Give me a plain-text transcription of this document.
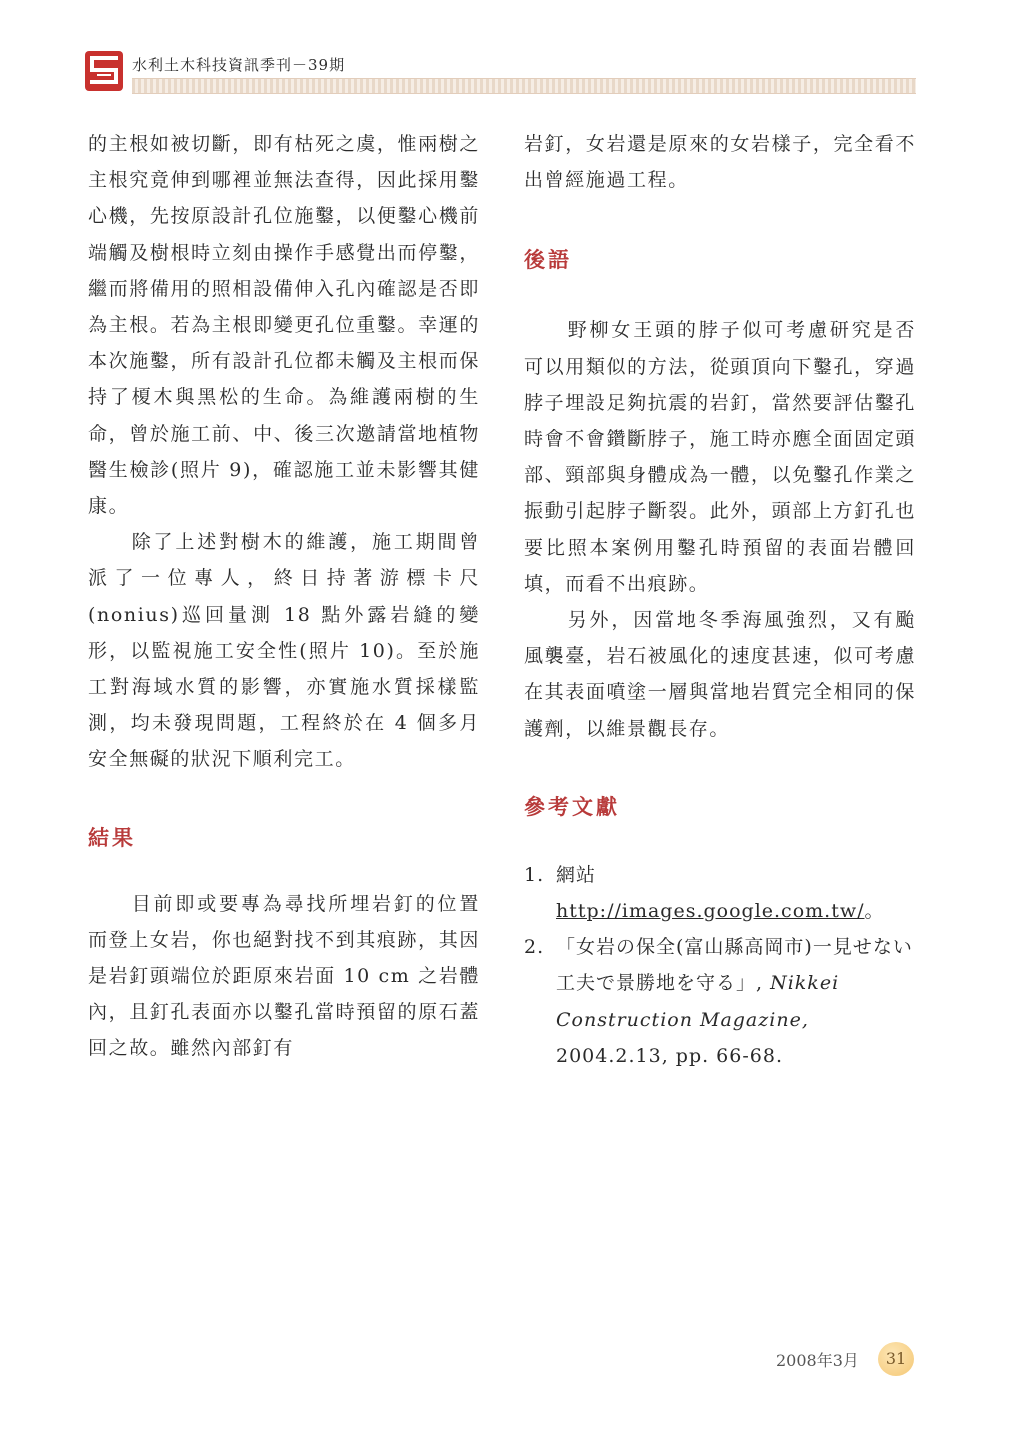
水利土木科技資訊季刊－39期

的主根如被切斷，即有枯死之虞，惟兩樹之主根究竟伸到哪裡並無法查得，因此採用鑿心機，先按原設計孔位施鑿，以便鑿心機前端觸及樹根時立刻由操作手感覺出而停鑿，繼而將備用的照相設備伸入孔內確認是否即為主根。若為主根即變更孔位重鑿。幸運的本次施鑿，所有設計孔位都未觸及主根而保持了榎木與黑松的生命。為維護兩樹的生命，曾於施工前、中、後三次邀請當地植物醫生檢診(照片 9)，確認施工並未影響其健康。

除了上述對樹木的維護，施工期間曾派了一位專人，終日持著游標卡尺(nonius)巡回量測 18 點外露岩縫的變形，以監視施工安全性(照片 10)。至於施工對海域水質的影響，亦實施水質採樣監測，均未發現問題，工程終於在 4 個多月安全無礙的狀況下順利完工。

結果

目前即或要專為尋找所埋岩釘的位置而登上女岩，你也絕對找不到其痕跡，其因是岩釘頭端位於距原來岩面 10 cm 之岩體內，且釘孔表面亦以鑿孔當時預留的原石蓋回之故。雖然內部釘有

岩釘，女岩還是原來的女岩樣子，完全看不出曾經施過工程。

後語

野柳女王頭的脖子似可考慮研究是否可以用類似的方法，從頭頂向下鑿孔，穿過脖子埋設足夠抗震的岩釘，當然要評估鑿孔時會不會鑽斷脖子，施工時亦應全面固定頭部、頸部與身體成為一體，以免鑿孔作業之振動引起脖子斷裂。此外，頭部上方釘孔也要比照本案例用鑿孔時預留的表面岩體回填，而看不出痕跡。

另外，因當地冬季海風強烈，又有颱風襲臺，岩石被風化的速度甚速，似可考慮在其表面噴塗一層與當地岩質完全相同的保護劑，以維景觀長存。

參考文獻
1. 網站 http://images.google.com.tw/。
2. 「女岩の保全(富山縣高岡市)一見せない工夫で景勝地を守る」, Nikkei Construction Magazine, 2004.2.13, pp. 66-68.
2008年3月	31
